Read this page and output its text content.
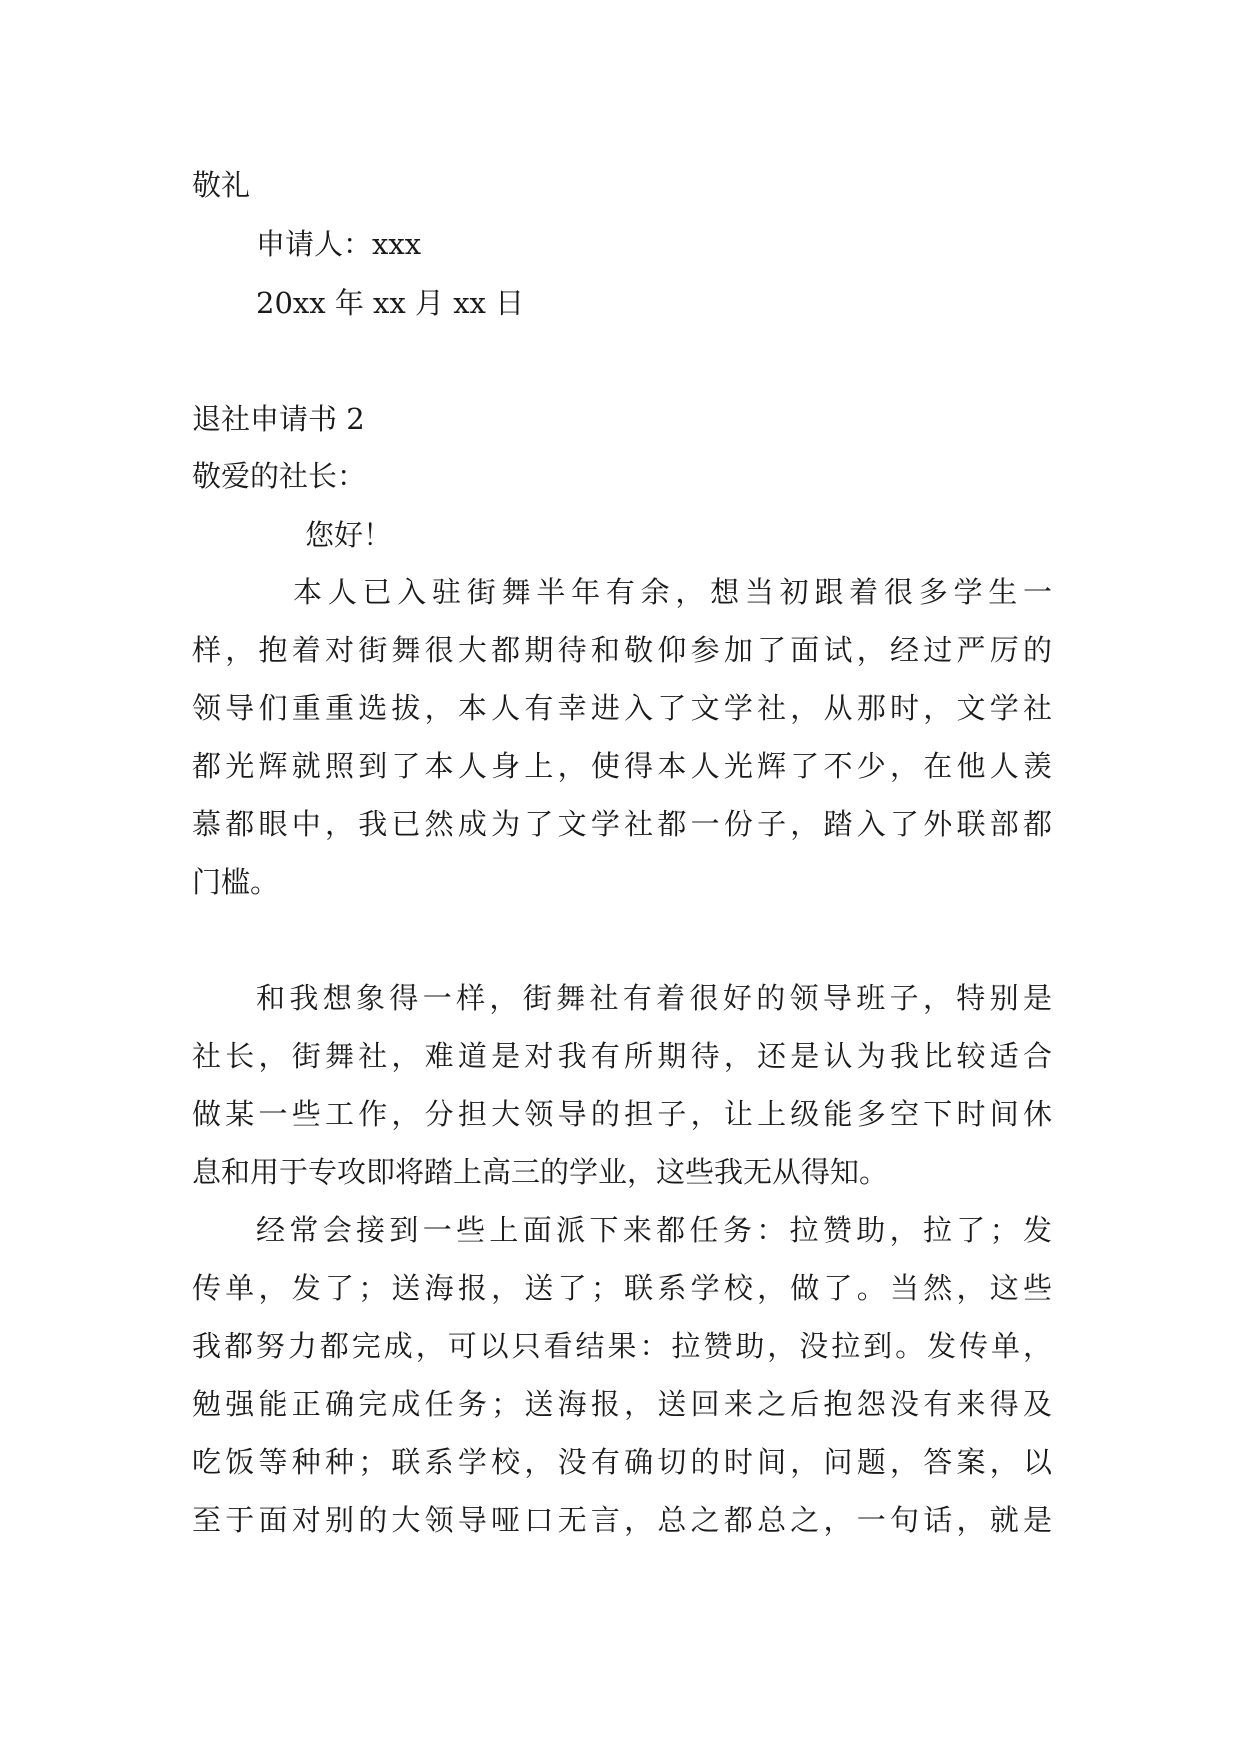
敬礼
申请人：xxx
20xx 年 xx 月 xx 日
退社申请书 2
敬爱的社长：
您好！
本人已入驻街舞半年有余，想当初跟着很多学生一
样，抱着对街舞很大都期待和敬仰参加了面试，经过严厉的
领导们重重选拔，本人有幸进入了文学社，从那时，文学社
都光辉就照到了本人身上，使得本人光辉了不少，在他人羡
慕都眼中，我已然成为了文学社都一份子，踏入了外联部都
门槛。
和我想象得一样，街舞社有着很好的领导班子，特别是
社长，街舞社，难道是对我有所期待，还是认为我比较适合
做某一些工作，分担大领导的担子，让上级能多空下时间休
息和用于专攻即将踏上高三的学业，这些我无从得知。
经常会接到一些上面派下来都任务：拉赞助，拉了；发
传单，发了；送海报，送了；联系学校，做了。当然，这些
我都努力都完成，可以只看结果：拉赞助，没拉到。发传单，
勉强能正确完成任务；送海报，送回来之后抱怨没有来得及
吃饭等种种；联系学校，没有确切的时间，问题，答案，以
至于面对别的大领导哑口无言，总之都总之，一句话，就是
